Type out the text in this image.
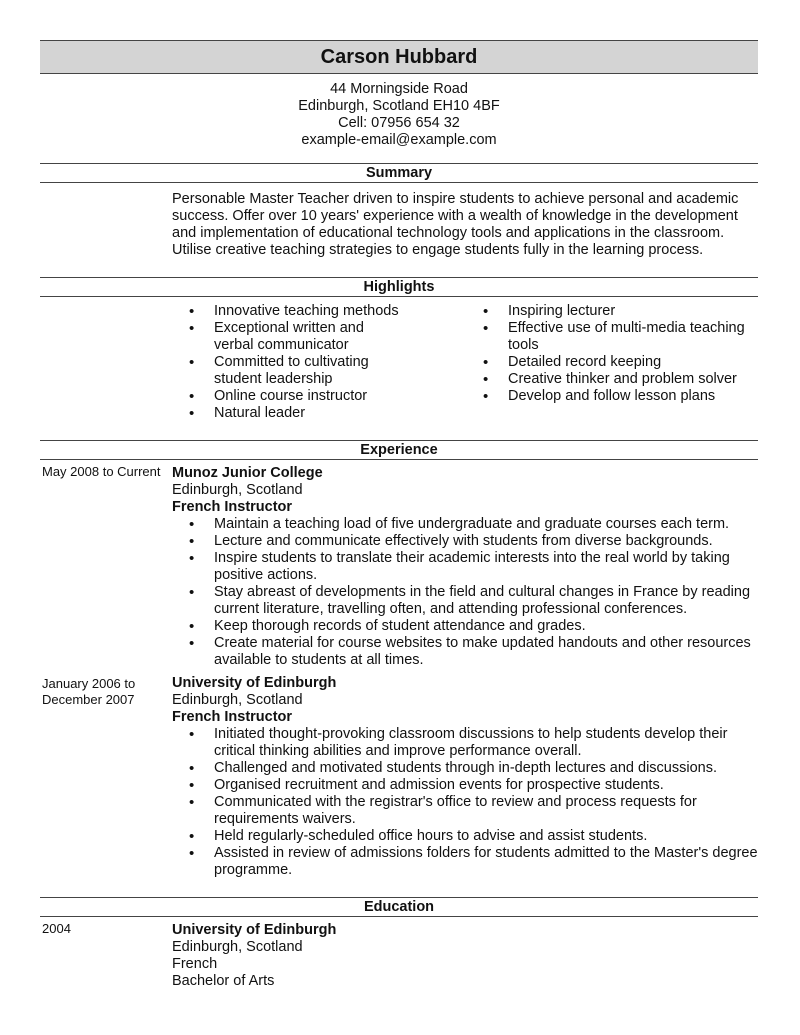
Carson Hubbard
44 Morningside Road
Edinburgh, Scotland EH10 4BF
Cell: 07956 654 32
example-email@example.com
Summary
Personable Master Teacher driven to inspire students to achieve personal and academic success. Offer over 10 years' experience with a wealth of knowledge in the development and implementation of educational technology tools and applications in the classroom. Utilise creative teaching strategies to engage students fully in the learning process.
Highlights
• Innovative teaching methods
• Exceptional written and verbal communicator
• Committed to cultivating student leadership
• Online course instructor
• Natural leader
• Inspiring lecturer
• Effective use of multi-media teaching tools
• Detailed record keeping
• Creative thinker and problem solver
• Develop and follow lesson plans
Experience
May 2008 to Current Munoz Junior College
Edinburgh, Scotland
French Instructor
• Maintain a teaching load of five undergraduate and graduate courses each term.
• Lecture and communicate effectively with students from diverse backgrounds.
• Inspire students to translate their academic interests into the real world by taking positive actions.
• Stay abreast of developments in the field and cultural changes in France by reading current literature, travelling often, and attending professional conferences.
• Keep thorough records of student attendance and grades.
• Create material for course websites to make updated handouts and other resources available to students at all times.
January 2006 to December 2007
University of Edinburgh
Edinburgh, Scotland
French Instructor
• Initiated thought-provoking classroom discussions to help students develop their critical thinking abilities and improve performance overall.
• Challenged and motivated students through in-depth lectures and discussions.
• Organised recruitment and admission events for prospective students.
• Communicated with the registrar's office to review and process requests for requirements waivers.
• Held regularly-scheduled office hours to advise and assist students.
• Assisted in review of admissions folders for students admitted to the Master's degree programme.
Education
2004	University of Edinburgh
Edinburgh, Scotland
French
Bachelor of Arts
